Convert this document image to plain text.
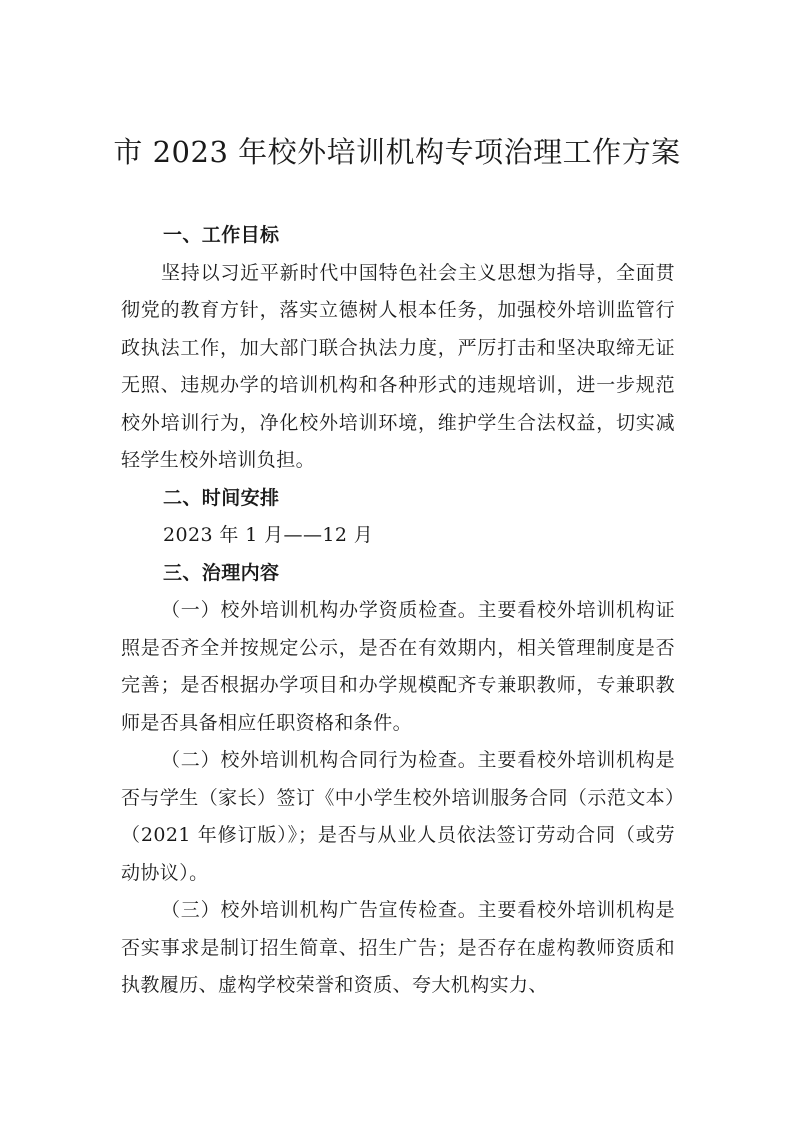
市 2023 年校外培训机构专项治理工作方案

一、工作目标

坚持以习近平新时代中国特色社会主义思想为指导，全面贯彻党的教育方针，落实立德树人根本任务，加强校外培训监管行政执法工作，加大部门联合执法力度，严厉打击和坚决取缔无证无照、违规办学的培训机构和各种形式的违规培训，进一步规范校外培训行为，净化校外培训环境，维护学生合法权益，切实减轻学生校外培训负担。

二、时间安排

2023 年 1 月——12 月

三、治理内容

（一）校外培训机构办学资质检查。主要看校外培训机构证照是否齐全并按规定公示，是否在有效期内，相关管理制度是否完善；是否根据办学项目和办学规模配齐专兼职教师，专兼职教师是否具备相应任职资格和条件。

（二）校外培训机构合同行为检查。主要看校外培训机构是否与学生（家长）签订《中小学生校外培训服务合同（示范文本）（2021 年修订版）》；是否与从业人员依法签订劳动合同（或劳动协议）。

（三）校外培训机构广告宣传检查。主要看校外培训机构是否实事求是制订招生简章、招生广告；是否存在虚构教师资质和执教履历、虚构学校荣誉和资质、夸大机构实力、
